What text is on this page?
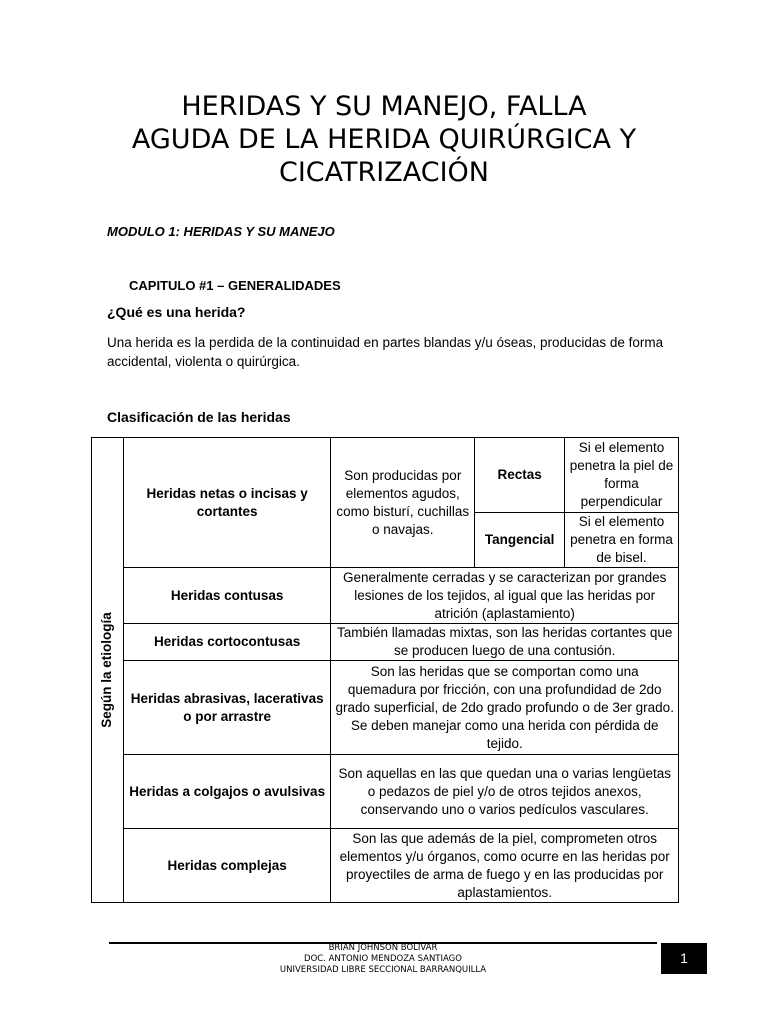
HERIDAS Y SU MANEJO, FALLA
AGUDA DE LA HERIDA QUIRÚRGICA Y
CICATRIZACIÓN
MODULO 1: HERIDAS Y SU MANEJO
CAPITULO #1 – GENERALIDADES
¿Qué es una herida?
Una herida es la perdida de la continuidad en partes blandas y/u óseas, producidas de forma accidental, violenta o quirúrgica.
Clasificación de las heridas
Según la etiología	Heridas netas o incisas y cortantes	Son producidas por elementos agudos, como bisturí, cuchillas o navajas.	Rectas	Si el elemento penetra la piel de forma perpendicular
			Tangencial	Si el elemento penetra en forma de bisel.
	Heridas contusas	Generalmente cerradas y se caracterizan por grandes lesiones de los tejidos, al igual que las heridas por atrición (aplastamiento)		
	Heridas cortocontusas	También llamadas mixtas, son las heridas cortantes que se producen luego de una contusión.		
	Heridas abrasivas, lacerativas o por arrastre	Son las heridas que se comportan como una quemadura por fricción, con una profundidad de 2do grado superficial, de 2do grado profundo o de 3er grado. Se deben manejar como una herida con pérdida de tejido.		
	Heridas a colgajos o avulsivas	Son aquellas en las que quedan una o varias lengüetas o pedazos de piel y/o de otros tejidos anexos, conservando uno o varios pedículos vasculares.		
	Heridas complejas	Son las que además de la piel, comprometen otros elementos y/u órganos, como ocurre en las heridas por proyectiles de arma de fuego y en las producidas por aplastamientos.		
BRIAN JOHNSON BOLÍVAR
DOC. ANTONIO MENDOZA SANTIAGO
UNIVERSIDAD LIBRE SECCIONAL BARRANQUILLA
1
